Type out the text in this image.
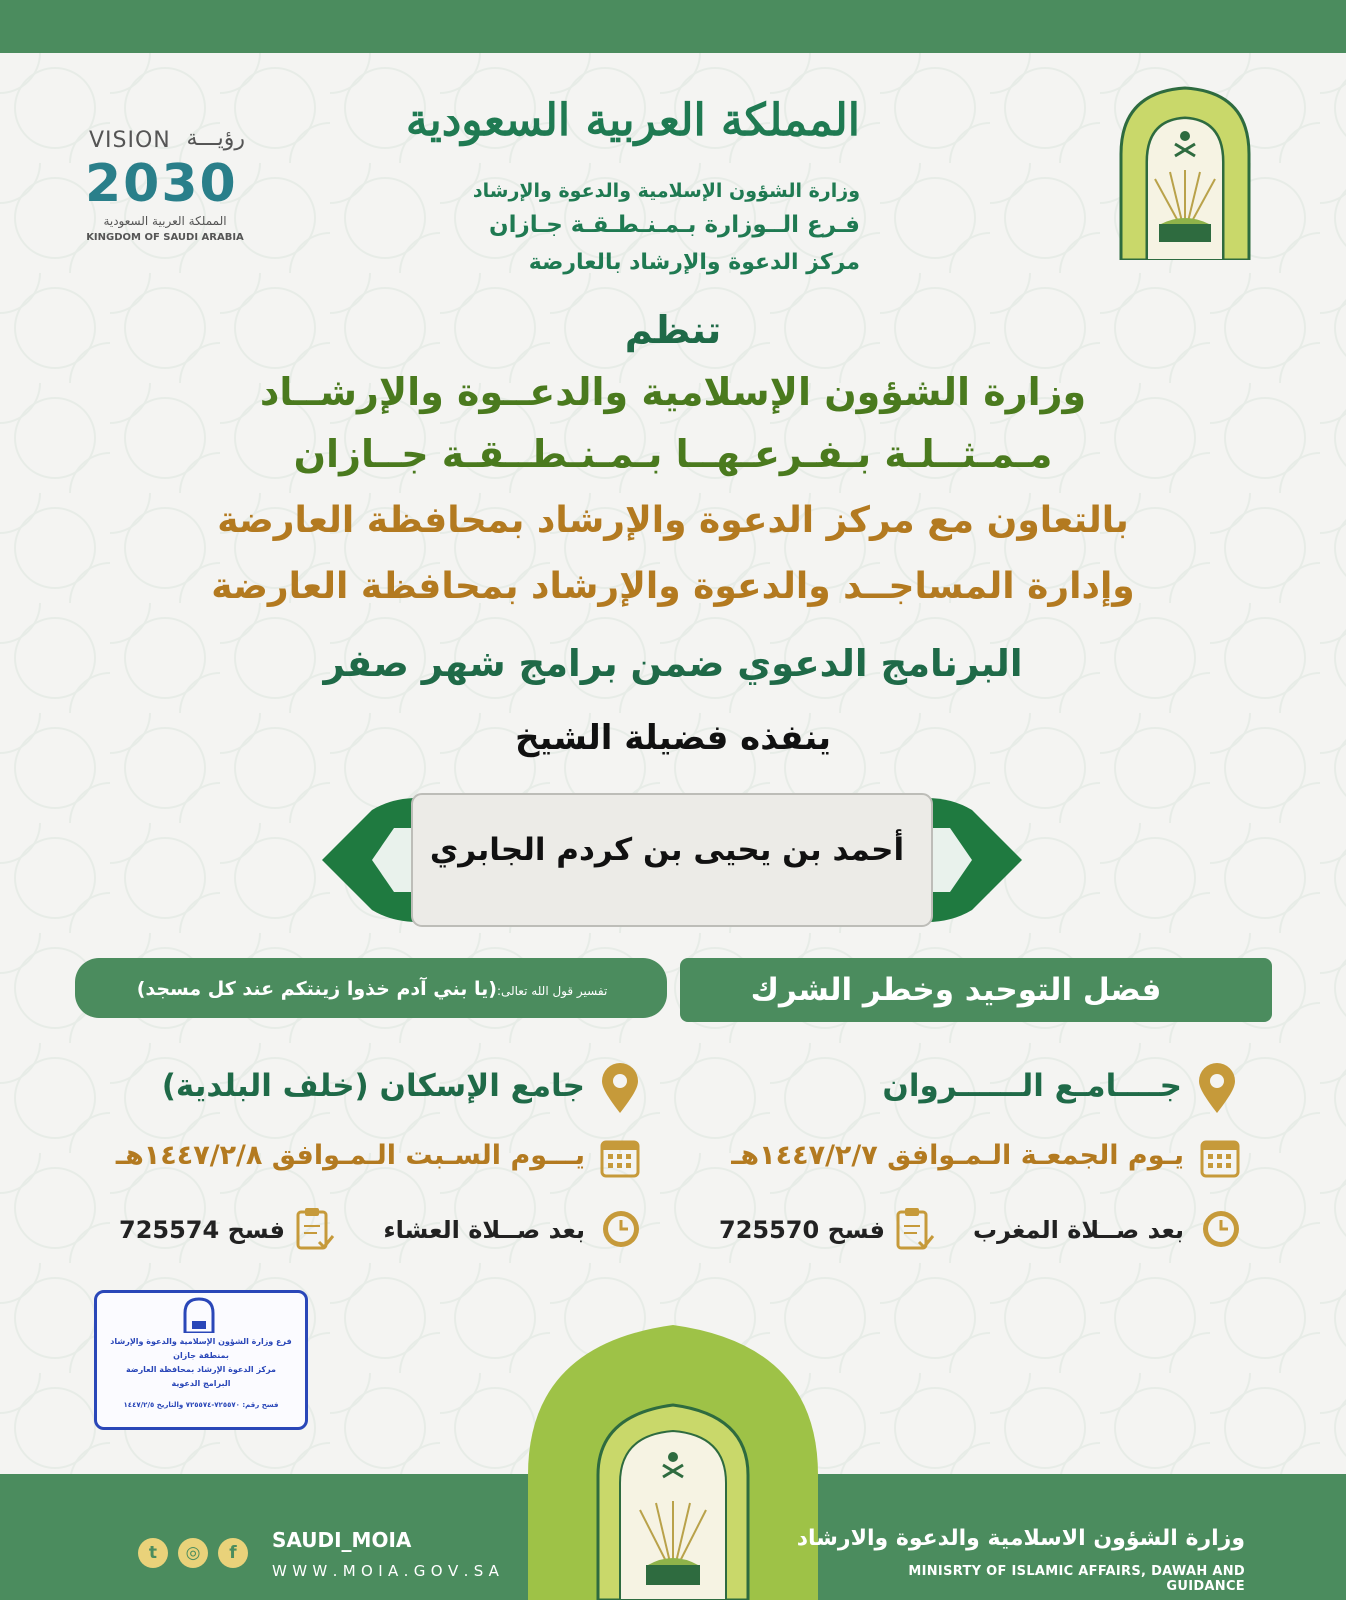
المملكة العربية السعودية
وزارة الشؤون الإسلامية والدعوة والإرشاد
فـرع الــوزارة بـمـنـطـقـة جـازان
مركز الدعوة والإرشاد بالعارضة
VISION رؤيـــة
2030
المملكة العربية السعودية
KINGDOM OF SAUDI ARABIA
تنظم
وزارة الشؤون الإسلامية والدعــوة والإرشــاد
مـمـثــلـة بـفـرعـهــا بـمـنـطــقـة جــازان
بالتعاون مع مركز الدعوة والإرشاد بمحافظة العارضة
وإدارة المساجــد والدعوة والإرشاد بمحافظة العارضة
البرنامج الدعوي ضمن برامج شهر صفر
ينفذه فضيلة الشيخ
أحمد بن يحيى بن كردم الجابري
فضل التوحيد وخطر الشرك
تفسير قول الله تعالى:(يا بني آدم خذوا زينتكم عند كل مسجد)
جــــامـع الــــــروان
يـوم الجمعـة الـمـوافق ١٤٤٧/٢/٧هـ
بعد صــلاة المغرب
فسح 725570
جامع الإسكان (خلف البلدية)
يـــوم السـبت الـمـوافق ١٤٤٧/٢/٨هـ
بعد صــلاة العشاء
فسح 725574
فرع وزارة الشؤون الإسلامية والدعوة والإرشاد
بمنطقة جازان
مركز الدعوة الإرشاد بمحافظة العارضة
البرامج الدعوية
فسح رقم: ٧٢٥٥٧٠-٧٢٥٥٧٤ والتاريخ ١٤٤٧/٢/٥
وزارة الشؤون الاسلامية والدعوة والارشاد
MINISRTY OF ISLAMIC AFFAIRS, DAWAH AND GUIDANCE
t	◎	f
SAUDI_MOIA
W W W . M O I A . G O V . S A
